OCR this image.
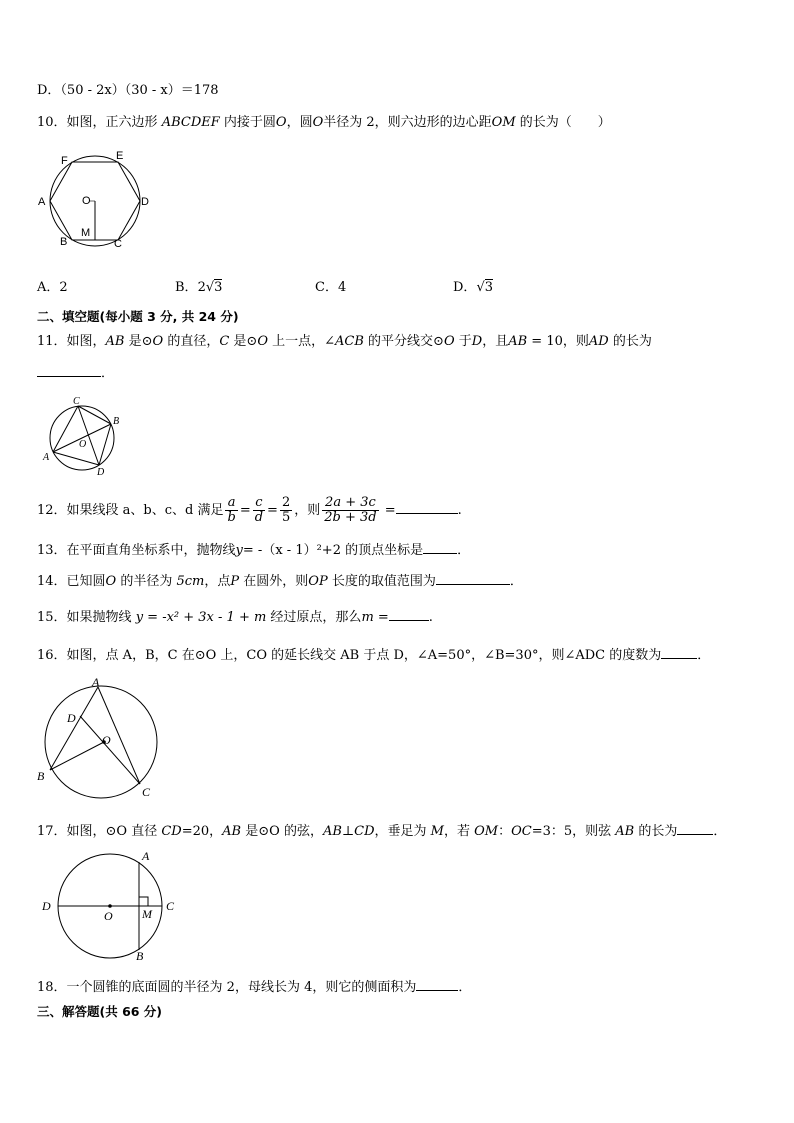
D．（50 - 2x）（30 - x）＝178
10．如图，正六边形 ABCDEF 内接于圆O，圆O半径为 2，则六边形的边心距OM 的长为（　　）
F	E
A	O	D
M
B	C
A．2	B．2√3	C．4	D．√3
二、填空题(每小题 3 分, 共 24 分)
11．如图，AB 是⊙O 的直径，C 是⊙O 上一点，∠ACB 的平分线交⊙O 于D，且AB = 10，则AD 的长为
．
C
B
O
A
D
12．如果线段 a、b、c、d 满足 $\frac{a}{b} = \frac{c}{d} = \frac{2}{5}$ ，则 $\frac{2a + 3c}{2b + 3d}$ =	.
13．在平面直角坐标系中，抛物线y= -（x - 1）²+2 的顶点坐标是	．
14．已知圆O 的半径为 5cm，点P 在圆外，则OP 长度的取值范围为	．
15．如果抛物线 y = -x² + 3x - 1 + m 经过原点，那么m =	.
16．如图，点 A，B，C 在⊙O 上，CO 的延长线交 AB 于点 D，∠A=50°，∠B=30°，则∠ADC 的度数为	．
A
D
O
B
C
17．如图，⊙O 直径 CD=20，AB 是⊙O 的弦，AB⊥CD，垂足为 M，若 OM：OC=3：5，则弦 AB 的长为	．
A
D
O M
C
B
18．一个圆锥的底面圆的半径为 2，母线长为 4，则它的侧面积为	．
三、解答题(共 66 分)
